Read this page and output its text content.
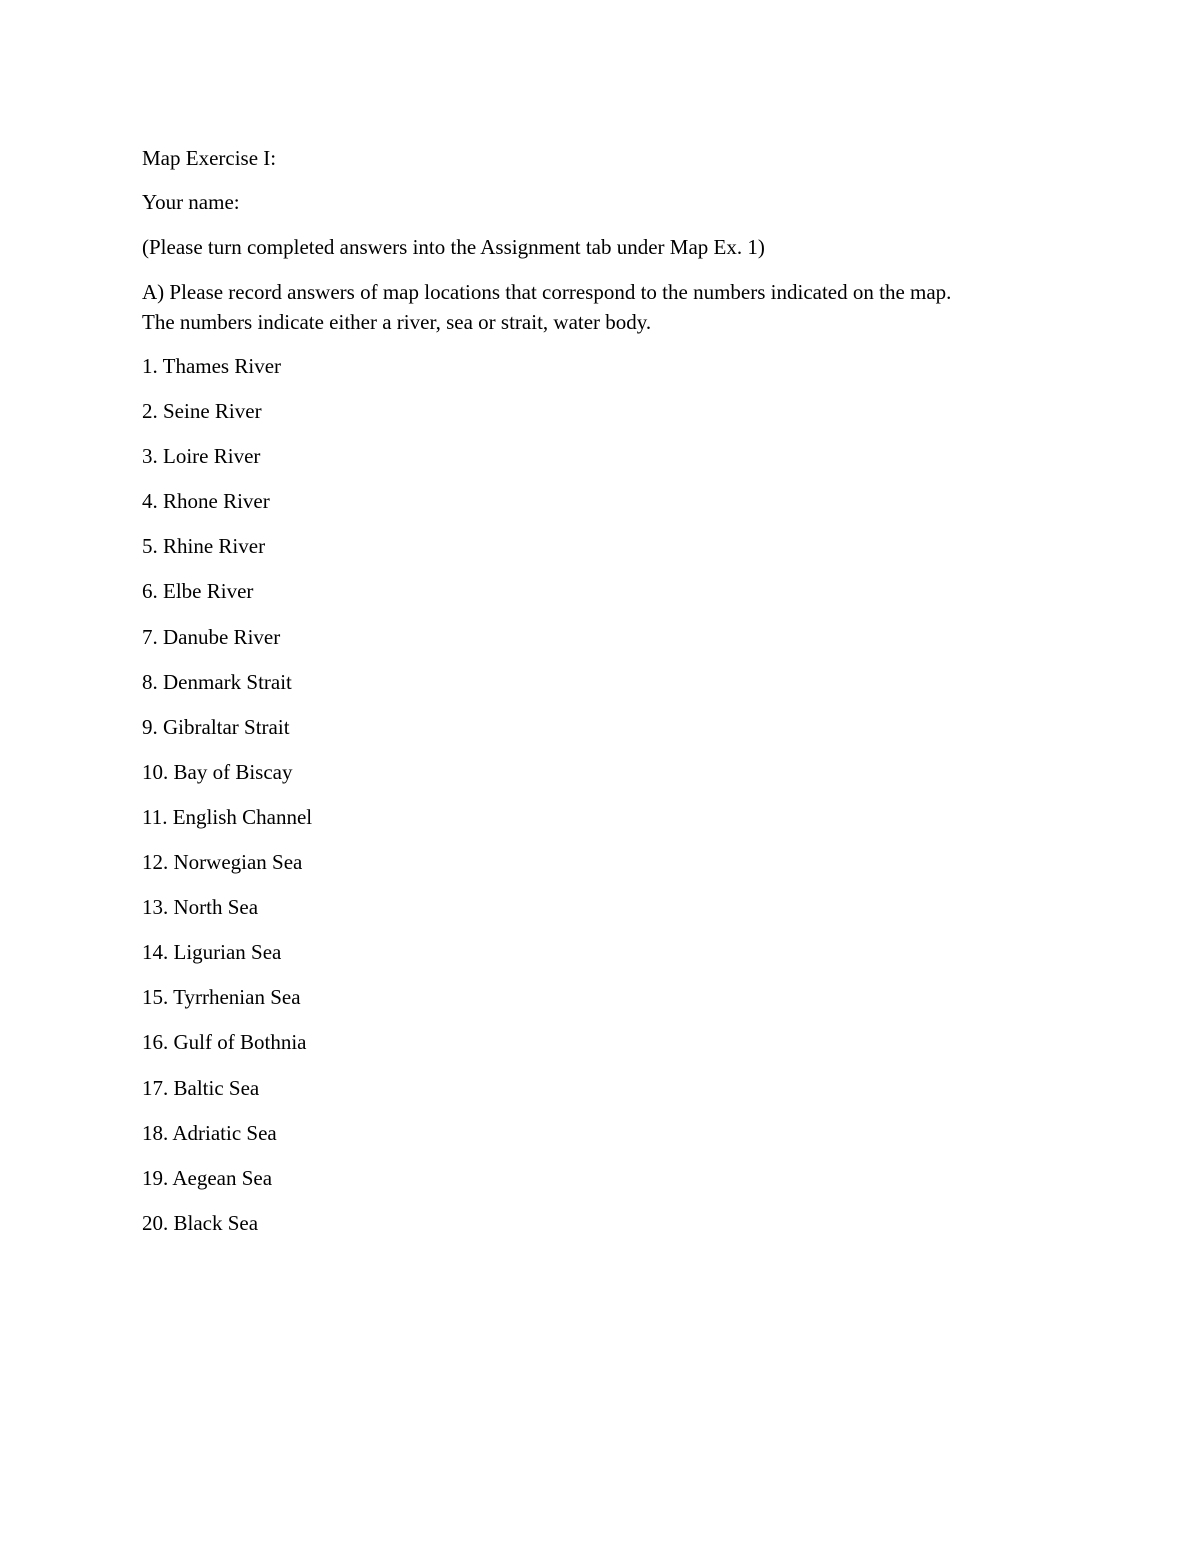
Map Exercise I:

Your name:

(Please turn completed answers into the Assignment tab under Map Ex. 1)

A) Please record answers of map locations that correspond to the numbers indicated on the map.

The numbers indicate either a river, sea or strait, water body.

1. Thames River
2. Seine River
3. Loire River
4. Rhone River
5. Rhine River
6. Elbe River
7. Danube River
8. Denmark Strait
9. Gibraltar Strait
10. Bay of Biscay
11. English Channel
12. Norwegian Sea
13. North Sea
14. Ligurian Sea
15. Tyrrhenian Sea
16. Gulf of Bothnia
17. Baltic Sea
18. Adriatic Sea
19. Aegean Sea
20. Black Sea
